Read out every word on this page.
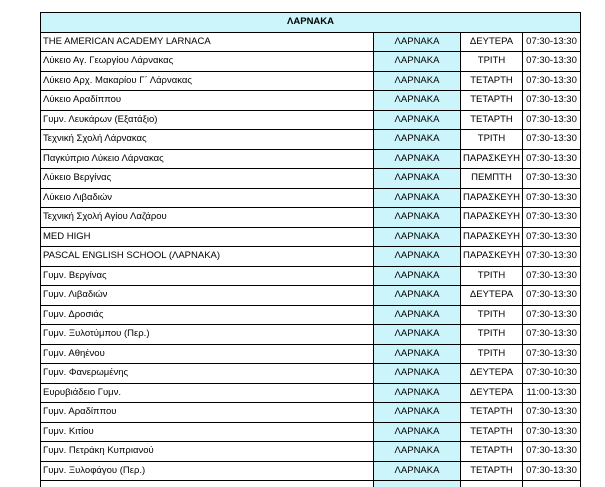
ΛΑΡΝΑΚΑ			
THE AMERICAN ACADEMY LARNACA	ΛΑΡΝΑΚΑ	ΔΕΥΤΕΡΑ	07:30-13:30
Λύκειο Αγ. Γεωργίου Λάρνακας	ΛΑΡΝΑΚΑ	ΤΡΙΤΗ	07:30-13:30
Λύκειο Αρχ. Μακαρίου Γ΄ Λάρνακας	ΛΑΡΝΑΚΑ	ΤΕΤΑΡΤΗ	07:30-13:30
Λύκειο Αραδίππου	ΛΑΡΝΑΚΑ	ΤΕΤΑΡΤΗ	07:30-13:30
Γυμν. Λευκάρων (Εξατάξιο)	ΛΑΡΝΑΚΑ	ΤΕΤΑΡΤΗ	07:30-13:30
Τεχνική Σχολή Λάρνακας	ΛΑΡΝΑΚΑ	ΤΡΙΤΗ	07:30-13:30
Παγκύπριο Λύκειο Λάρνακας	ΛΑΡΝΑΚΑ	ΠΑΡΑΣΚΕΥΗ	07:30-13:30
Λύκειο Βεργίνας	ΛΑΡΝΑΚΑ	ΠΕΜΠΤΗ	07:30-13:30
Λύκειο Λιβαδιών	ΛΑΡΝΑΚΑ	ΠΑΡΑΣΚΕΥΗ	07:30-13:30
Τεχνική Σχολή Αγίου Λαζάρου	ΛΑΡΝΑΚΑ	ΠΑΡΑΣΚΕΥΗ	07:30-13:30
MED HIGH	ΛΑΡΝΑΚΑ	ΠΑΡΑΣΚΕΥΗ	07:30-13:30
PASCAL ENGLISH SCHOOL (ΛΑΡΝΑΚΑ)	ΛΑΡΝΑΚΑ	ΠΑΡΑΣΚΕΥΗ	07:30-13:30
Γυμν. Βεργίνας	ΛΑΡΝΑΚΑ	ΤΡΙΤΗ	07:30-13:30
Γυμν. Λιβαδιών	ΛΑΡΝΑΚΑ	ΔΕΥΤΕΡΑ	07:30-13:30
Γυμν. Δροσιάς	ΛΑΡΝΑΚΑ	ΤΡΙΤΗ	07:30-13:30
Γυμν. Ξυλοτύμπου (Περ.)	ΛΑΡΝΑΚΑ	ΤΡΙΤΗ	07:30-13:30
Γυμν. Αθηένου	ΛΑΡΝΑΚΑ	ΤΡΙΤΗ	07:30-13:30
Γυμν. Φανερωμένης	ΛΑΡΝΑΚΑ	ΔΕΥΤΕΡΑ	07:30-10:30
Ευρυβιάδειο Γυμν.	ΛΑΡΝΑΚΑ	ΔΕΥΤΕΡΑ	11:00-13:30
Γυμν. Αραδίππου	ΛΑΡΝΑΚΑ	ΤΕΤΑΡΤΗ	07:30-13:30
Γυμν. Κιτίου	ΛΑΡΝΑΚΑ	ΤΕΤΑΡΤΗ	07:30-13:30
Γυμν. Πετράκη Κυπριανού	ΛΑΡΝΑΚΑ	ΤΕΤΑΡΤΗ	07:30-13:30
Γυμν. Ξυλοφάγου (Περ.)	ΛΑΡΝΑΚΑ	ΤΕΤΑΡΤΗ	07:30-13:30
